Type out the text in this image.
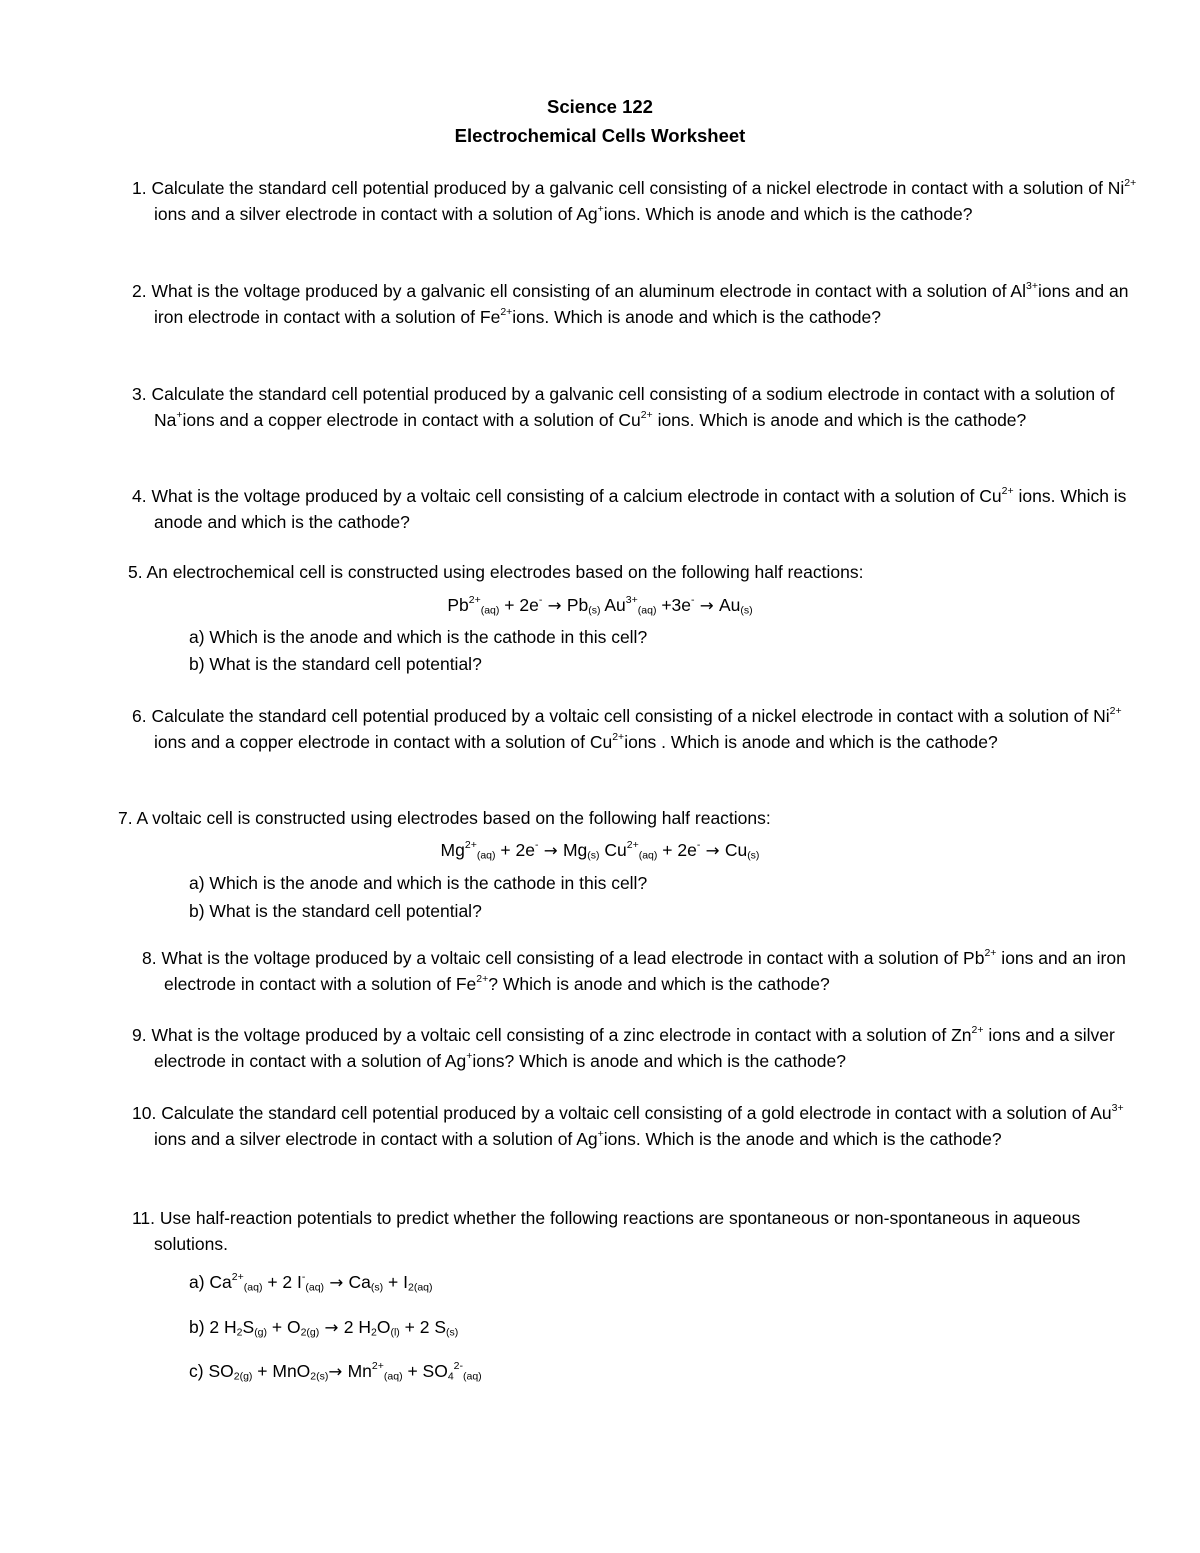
Science 122
Electrochemical Cells Worksheet
1. Calculate the standard cell potential produced by a galvanic cell consisting of a nickel electrode in contact with a solution of $Ni^{2+}$ ions and a silver electrode in contact with a solution of Ag+ions. Which is anode and which is the cathode?
2. What is the voltage produced by a galvanic ell consisting of an aluminum electrode in contact with a solution of $Al^{3+}ions$ and an iron electrode in contact with a solution of $Fe^{2+}ions$. Which is anode and which is the cathode?
3. Calculate the standard cell potential produced by a galvanic cell consisting of a sodium electrode in contact with a solution of Na+ions and a copper electrode in contact with a solution of $Cu^{2+}$ ions. Which is anode and which is the cathode?
4. What is the voltage produced by a voltaic cell consisting of a calcium electrode in contact with a solution of $Cu^{2+}$ ions. Which is anode and which is the cathode?
5. An electrochemical cell is constructed using electrodes based on the following half reactions:
$Pb^{2+}_{(aq)} + 2e^- \to Pb_{(s)}$ $Au^{3+}_{(aq)} +3e^- \to Au_{(s)}$
a) Which is the anode and which is the cathode in this cell?
b) What is the standard cell potential?
6. Calculate the standard cell potential produced by a voltaic cell consisting of a nickel electrode in contact with a solution of $Ni^{2+}$ ions and a copper electrode in contact with a solution of $Cu^{2+}ions$ . Which is anode and which is the cathode?
7. A voltaic cell is constructed using electrodes based on the following half reactions:
$Mg^{2+}_{(aq)} + 2e^- \to Mg_{(s)}$ $Cu^{2+}_{(aq)} + 2e^- \to Cu_{(s)}$
a) Which is the anode and which is the cathode in this cell?
b) What is the standard cell potential?
8. What is the voltage produced by a voltaic cell consisting of a lead electrode in contact with a solution of $Pb^{2+}$ ions and an iron electrode in contact with a solution of $Fe^{2+}$? Which is anode and which is the cathode?
9. What is the voltage produced by a voltaic cell consisting of a zinc electrode in contact with a solution of $Zn^{2+}$ ions and a silver electrode in contact with a solution of Ag+ions? Which is anode and which is the cathode?
10. Calculate the standard cell potential produced by a voltaic cell consisting of a gold electrode in contact with a solution of $Au^{3+}$ ions and a silver electrode in contact with a solution of Ag+ions. Which is the anode and which is the cathode?
11. Use half-reaction potentials to predict whether the following reactions are spontaneous or non-spontaneous in aqueous solutions.
a) $Ca^{2+}_{(aq)} + 2$ $I^-_{(aq)} \to Ca_{(s)} + I_{2(aq)}$
b) 2 $H_2S_{(g)} + O_{2(g)} \to 2$ $H_2O_{(l)} + 2$ $S_{(s)}$
c) $SO_{2(g)} + MnO_{2(s)}\to Mn^{2+}_{(aq)} + SO_4^{2-}_{(aq)}$
